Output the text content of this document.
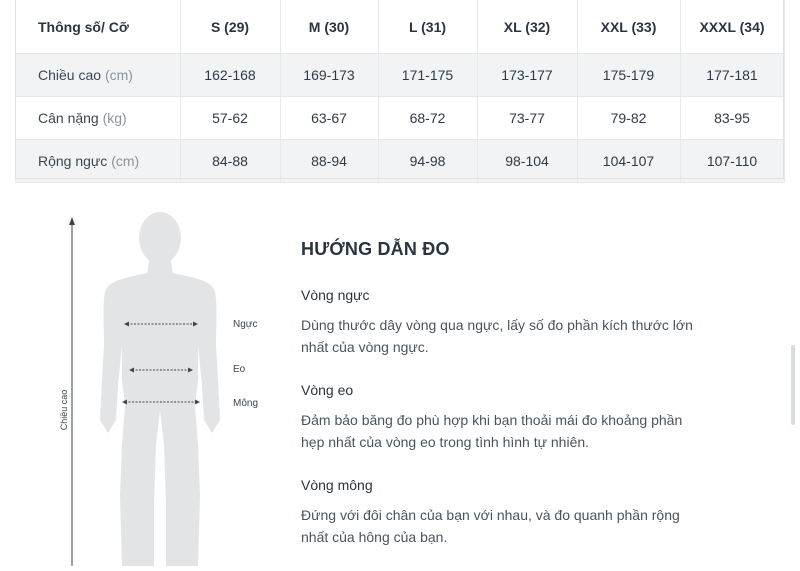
Thông số/ Cỡ	S (29)	M (30)	L (31)	XL (32)	XXL (33)	XXXL (34)
Chiều cao (cm)	162-168	169-173	171-175	173-177	175-179	177-181
Cân nặng (kg)	57-62	63-67	68-72	73-77	79-82	83-95
Rộng ngực (cm)	84-88	88-94	94-98	98-104	104-107	107-110
Chiều cao
Ngực
Eo
Mông
HƯỚNG DẪN ĐO
Vòng ngực
Dùng thước dây vòng qua ngực, lấy số đo phần kích thước lớn
nhất của vòng ngực.
Vòng eo
Đảm bảo băng đo phù hợp khi bạn thoải mái đo khoảng phần
hẹp nhất của vòng eo trong tình hình tự nhiên.
Vòng mông
Đứng với đôi chân của bạn với nhau, và đo quanh phần rộng
nhất của hông của bạn.
